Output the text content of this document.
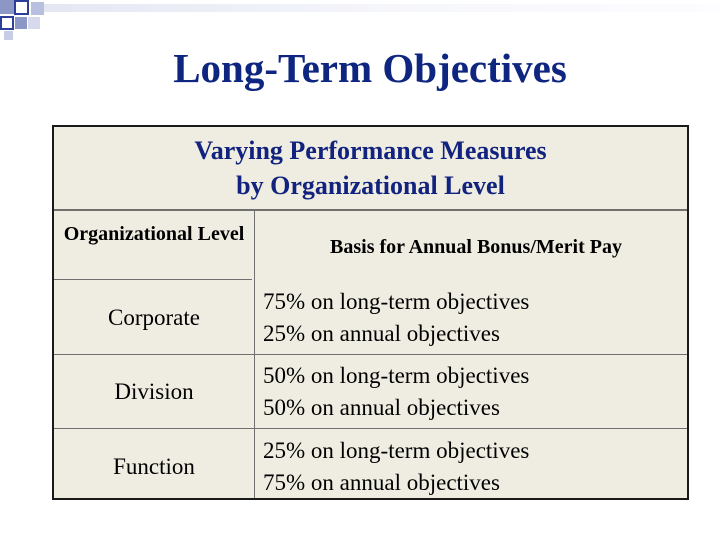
Long-Term Objectives
Varying Performance Measures
by Organizational Level
Organizational Level
Basis for Annual Bonus/Merit Pay
Corporate
75% on long-term objectives
25% on annual objectives
Division
50% on long-term objectives
50% on annual objectives
Function
25% on long-term objectives
75% on annual objectives
